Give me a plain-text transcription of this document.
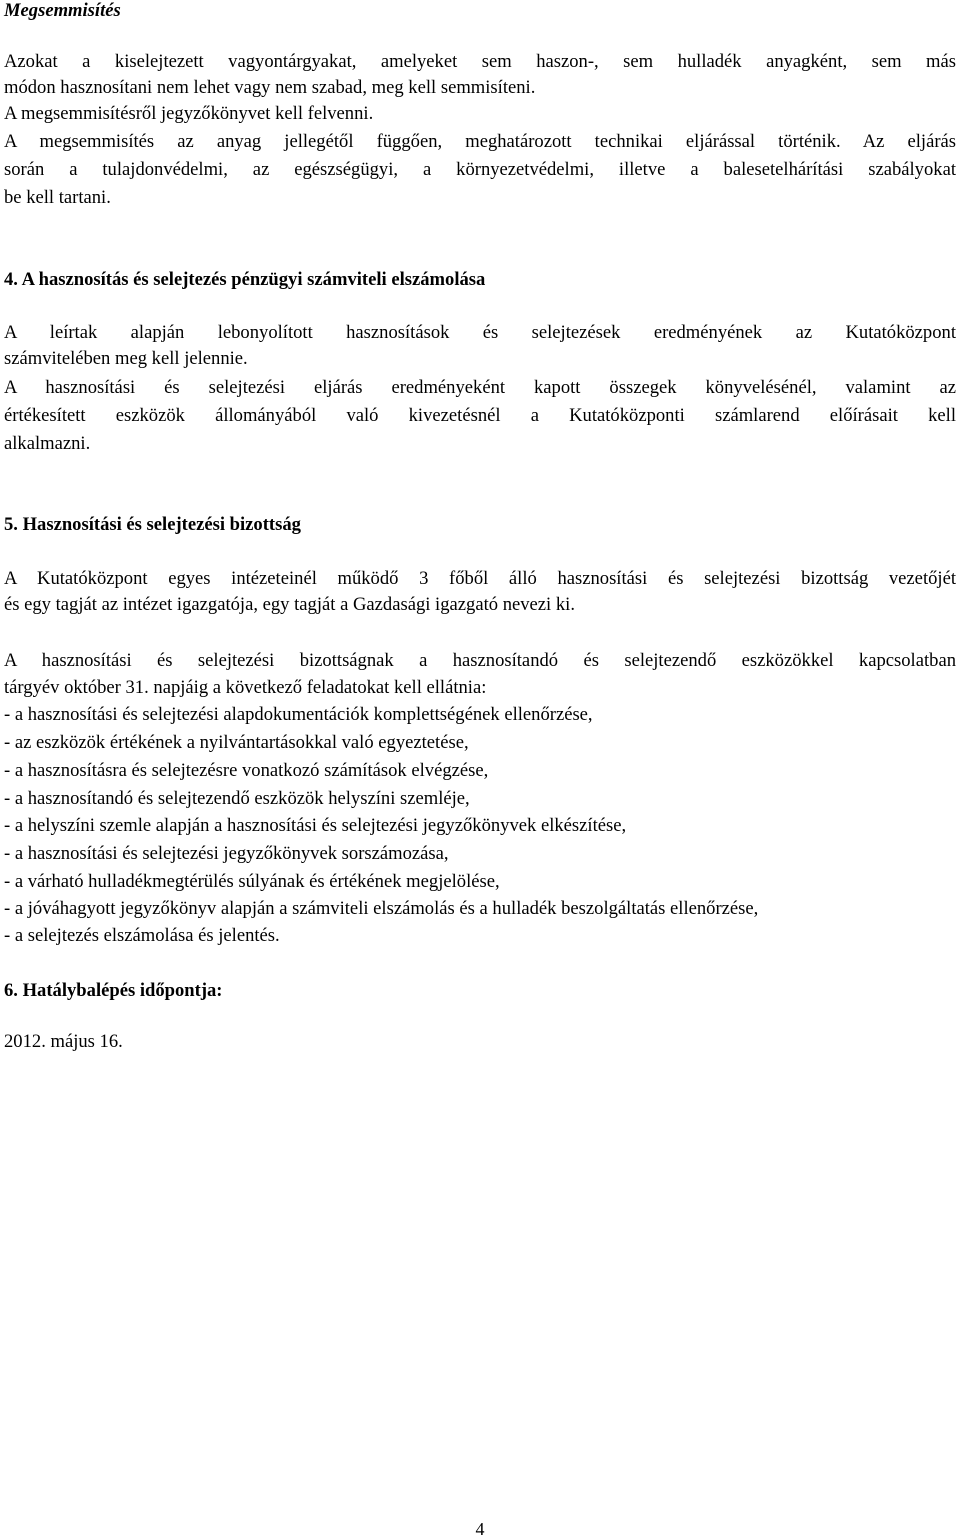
Megsemmisítés
Azokat a kiselejtezett vagyontárgyakat, amelyeket sem haszon-, sem hulladék anyagként, sem más
módon hasznosítani nem lehet vagy nem szabad, meg kell semmisíteni.
A megsemmisítésről jegyzőkönyvet kell felvenni.
A megsemmisítés az anyag jellegétől függően, meghatározott technikai eljárással történik. Az eljárás
során a tulajdonvédelmi, az egészségügyi, a környezetvédelmi, illetve a balesetelhárítási szabályokat
be kell tartani.
4. A hasznosítás és selejtezés pénzügyi számviteli elszámolása
A leírtak alapján lebonyolított hasznosítások és selejtezések eredményének az Kutatóközpont
számvitelében meg kell jelennie.
A hasznosítási és selejtezési eljárás eredményeként kapott összegek könyvelésénél, valamint az
értékesített eszközök állományából való kivezetésnél a Kutatóközponti számlarend előírásait kell
alkalmazni.
5. Hasznosítási és selejtezési bizottság
A Kutatóközpont egyes intézeteinél működő 3 főből álló hasznosítási és selejtezési bizottság vezetőjét
és egy tagját az intézet igazgatója, egy tagját a Gazdasági igazgató nevezi ki.
A hasznosítási és selejtezési bizottságnak a hasznosítandó és selejtezendő eszközökkel kapcsolatban
tárgyév október 31. napjáig a következő feladatokat kell ellátnia:
- a hasznosítási és selejtezési alapdokumentációk komplettségének ellenőrzése,
- az eszközök értékének a nyilvántartásokkal való egyeztetése,
- a hasznosításra és selejtezésre vonatkozó számítások elvégzése,
- a hasznosítandó és selejtezendő eszközök helyszíni szemléje,
- a helyszíni szemle alapján a hasznosítási és selejtezési jegyzőkönyvek elkészítése,
- a hasznosítási és selejtezési jegyzőkönyvek sorszámozása,
- a várható hulladékmegtérülés súlyának és értékének megjelölése,
- a jóváhagyott jegyzőkönyv alapján a számviteli elszámolás és a hulladék beszolgáltatás ellenőrzése,
- a selejtezés elszámolása és jelentés.
6. Hatálybalépés időpontja:
2012. május 16.
4
